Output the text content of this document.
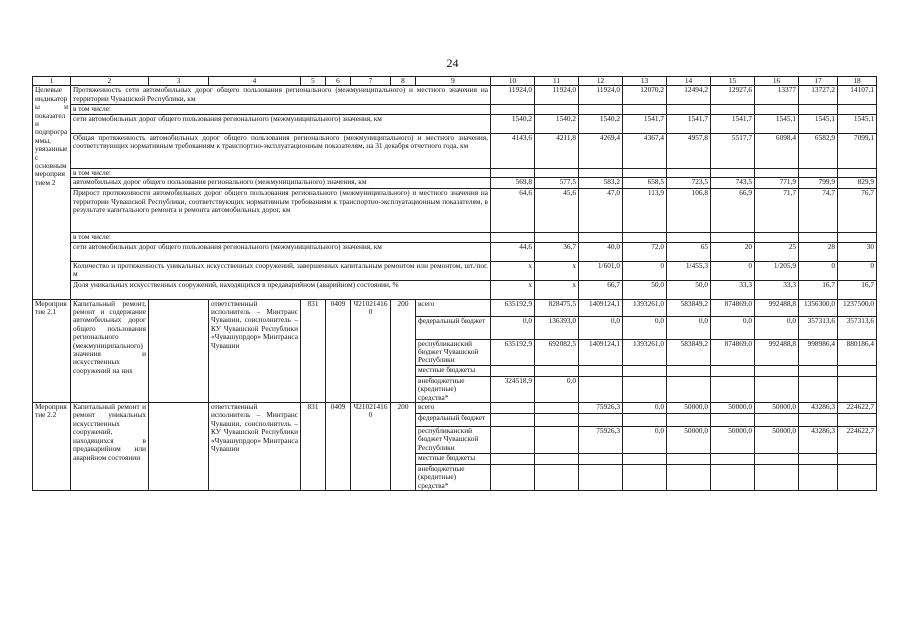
24
1	2	3	4	5	6	7	8	9	10	11	12	13	14	15	16	17	18
Целевые индикаторы и показатели подпрограммы, увязанные с основным мероприятием 2	Протяженность сети автомобильных дорог общего пользования регионального (межмуниципального) и местного значения на территории Чувашской Республики, км								11924,0	11924,0	11924,0	12070,2	12494,2	12927,6	13377	13727,2	14107,1
	в том числе:																
	сети автомобильных дорог общего пользования регионального (межмуниципального) значения, км								1540,2	1540,2	1540,2	1541,7	1541,7	1541,7	1545,1	1545,1	1545,1
	Общая протяженность автомобильных дорог общего пользования регионального (межмуниципального) и местного значения, соответствующих нормативным требованиям к транспортно-эксплуатационным показателям, на 31 декабря отчетного года, км								4143,6	4211,8	4269,4	4367,4	4957,8	5517,7	6098,4	6582,9	7099,1
	в том числе:																
	автомобильных дорог общего пользования регионального (межмуниципального) значения, км								569,8	577,5	583,2	658,5	723,5	743,5	771,9	799,9	829,9
	Прирост протяженности автомобильных дорог общего пользования регионального (межмуниципального) и местного значения на территории Чувашской Республики, соответствующих нормативным требованиям к транспортно-эксплуатационным показателям, в результате капитального ремонта и ремонта автомобильных дорог, км								64,6	45,6	47,0	113,9	106,8	66,9	71,7	74,7	76,7
	в том числе:																
	сети автомобильных дорог общего пользования регионального (межмуниципального) значения, км								44,6	36,7	40,0	72,0	65	20	25	28	30
	Количество и протяженность уникальных искусственных сооружений, завершенных капитальным ремонтом или ремонтом, шт./пог. м								x	x	1/601,0	0	1/455,3	0	1/205,9	0	0
	Доля уникальных искусственных сооружений, находящихся в предаварийном (аварийном) состоянии, %								x	x	66,7	50,0	50,0	33,3	33,3	16,7	16,7
Мероприятие 2.1	Капитальный ремонт, ремонт и содержание автомобильных дорог общего пользования регионального (межмуниципального) значения и искусственных сооружений на них		ответственный исполнитель – Минтранс Чувашии, соисполнитель – КУ Чувашской Республики «Чувашупрдор» Минтранса Чувашии	831	0409	Ч210214160	200	всего	635192,9	828475,5	1409124,1	1393261,0	583849,2	874869,0	992488,8	1356300,0	1237500,0
								федеральный бюджет	0,0	136393,0	0,0	0,0	0,0	0,0	0,0	357313,6	357313,6
								республиканский бюджет Чувашской Республики	635192,9	692082,5	1409124,1	1393261,0	583849,2	874869,0	992488,8	998986,4	880186,4
								местные бюджеты									
								внебюджетные (кредитные) средства*	324518,9	0,0							
Мероприятие 2.2	Капитальный ремонт и ремонт уникальных искусственных сооружений, находящихся в предаварийном или аварийном состоянии		ответственный исполнитель – Минтранс Чувашии, соисполнитель – КУ Чувашской Республики «Чувашупрдор» Минтранса Чувашии	831	0409	Ч210214160	200	всего			75926,3	0,0	50000,0	50000,0	50000,0	43286,3	224622,7
								федеральный бюджет									
								республиканский бюджет Чувашской Республики			75926,3	0,0	50000,0	50000,0	50000,0	43286,3	224622,7
								местные бюджеты									
								внебюджетные (кредитные) средства*									
